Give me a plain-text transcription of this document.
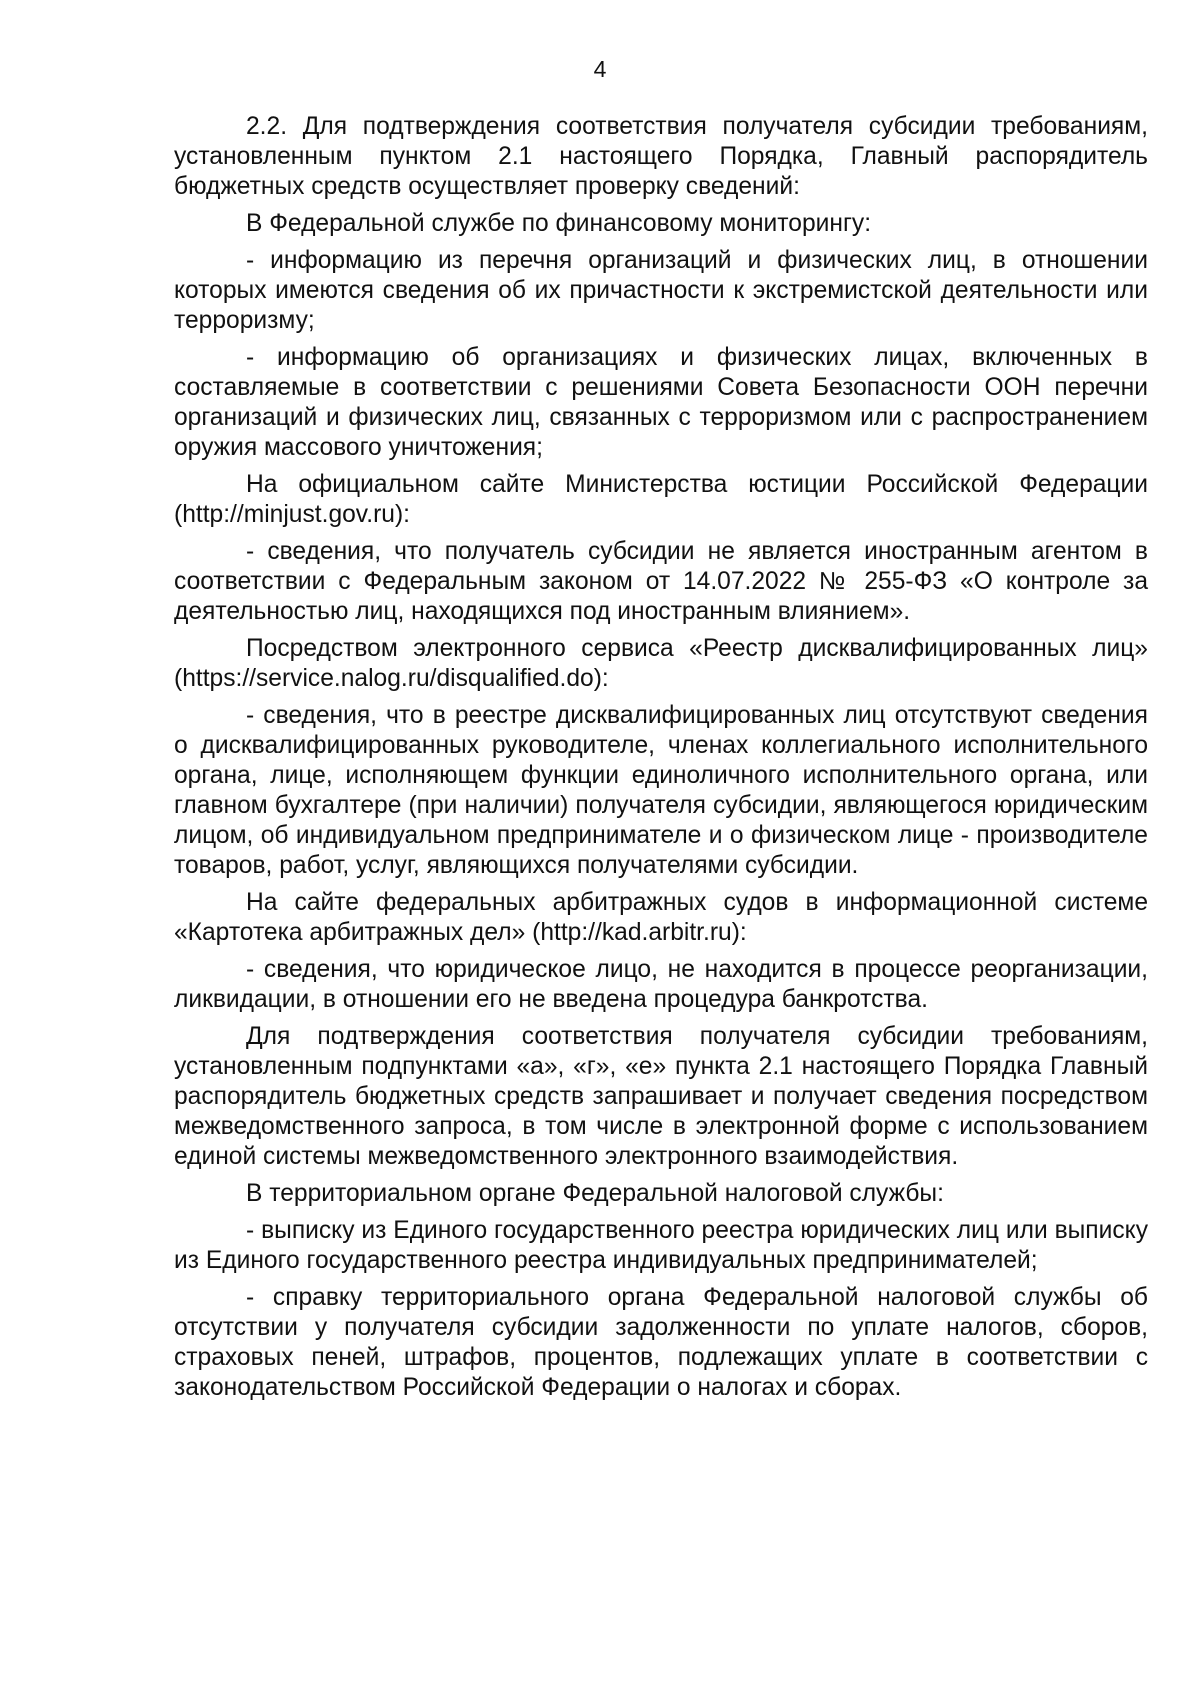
4

2.2. Для подтверждения соответствия получателя субсидии требованиям, установленным пунктом 2.1 настоящего Порядка, Главный распорядитель бюджетных средств осуществляет проверку сведений:

В Федеральной службе по финансовому мониторингу:

- информацию из перечня организаций и физических лиц, в отношении которых имеются сведения об их причастности к экстремистской деятельности или терроризму;

- информацию об организациях и физических лицах, включенных в составляемые в соответствии с решениями Совета Безопасности ООН перечни организаций и физических лиц, связанных с терроризмом или с распространением оружия массового уничтожения;

На официальном сайте Министерства юстиции Российской Федерации (http://minjust.gov.ru):

- сведения, что получатель субсидии не является иностранным агентом в соответствии с Федеральным законом от 14.07.2022 № 255-ФЗ «О контроле за деятельностью лиц, находящихся под иностранным влиянием».

Посредством электронного сервиса «Реестр дисквалифицированных лиц» (https://service.nalog.ru/disqualified.do):

- сведения, что в реестре дисквалифицированных лиц отсутствуют сведения о дисквалифицированных руководителе, членах коллегиального исполнительного органа, лице, исполняющем функции единоличного исполнительного органа, или главном бухгалтере (при наличии) получателя субсидии, являющегося юридическим лицом, об индивидуальном предпринимателе и о физическом лице - производителе товаров, работ, услуг, являющихся получателями субсидии.

На сайте федеральных арбитражных судов в информационной системе «Картотека арбитражных дел» (http://kad.arbitr.ru):

- сведения, что юридическое лицо, не находится в процессе реорганизации, ликвидации, в отношении его не введена процедура банкротства.

Для подтверждения соответствия получателя субсидии требованиям, установленным подпунктами «а», «г», «е» пункта 2.1 настоящего Порядка Главный распорядитель бюджетных средств запрашивает и получает сведения посредством межведомственного запроса, в том числе в электронной форме с использованием единой системы межведомственного электронного взаимодействия.

В территориальном органе Федеральной налоговой службы:

- выписку из Единого государственного реестра юридических лиц или выписку из Единого государственного реестра индивидуальных предпринимателей;

- справку территориального органа Федеральной налоговой службы об отсутствии у получателя субсидии задолженности по уплате налогов, сборов, страховых пеней, штрафов, процентов, подлежащих уплате в соответствии с законодательством Российской Федерации о налогах и сборах.
